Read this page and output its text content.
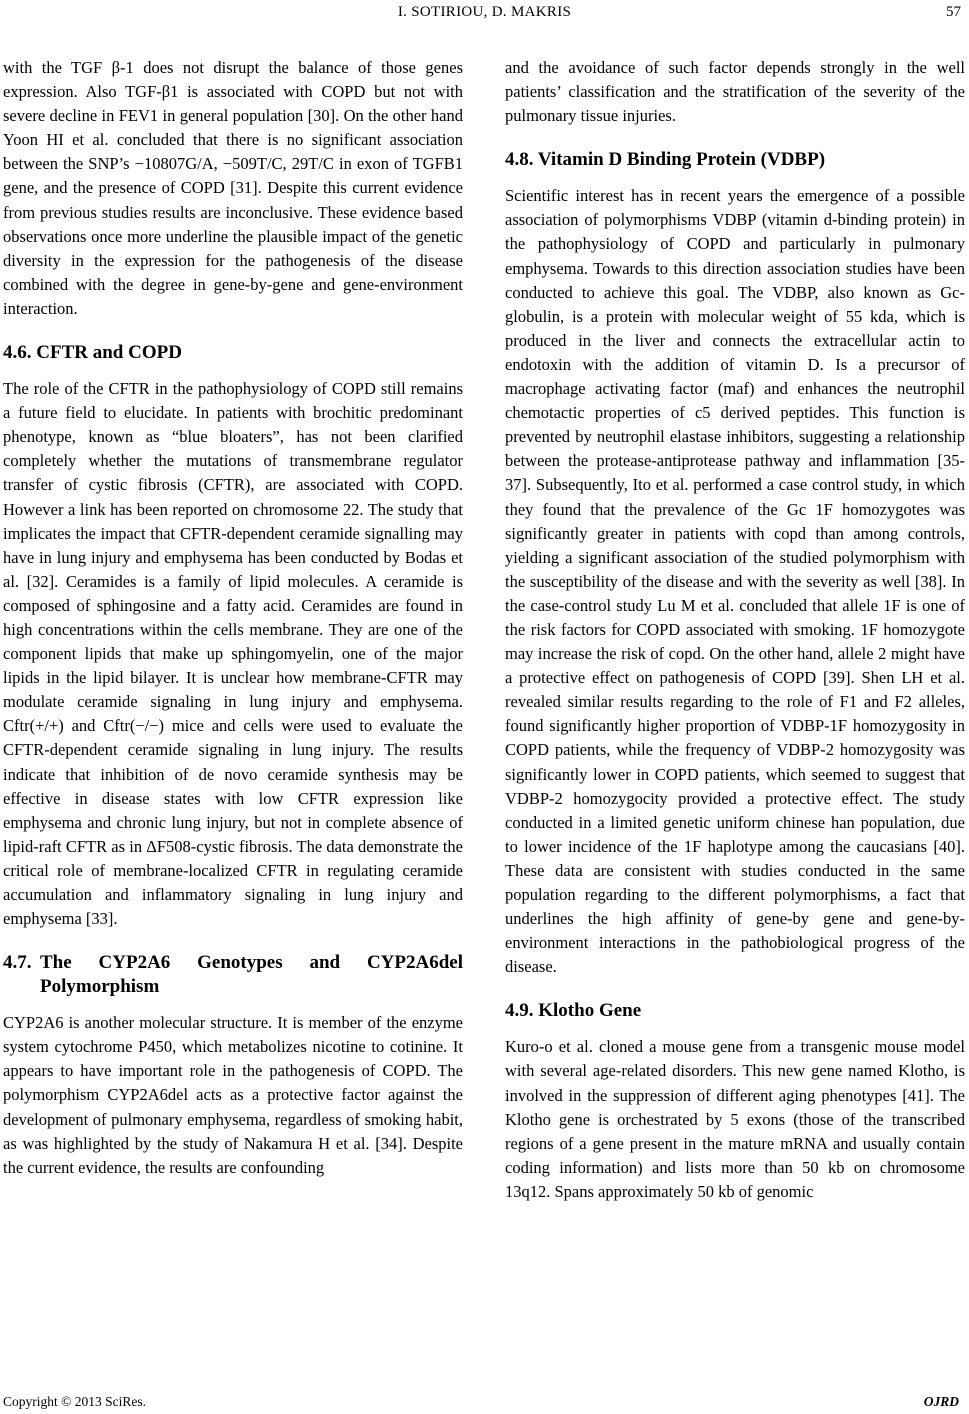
I. SOTIRIOU, D. MAKRIS	57

with the TGF β-1 does not disrupt the balance of those genes expression. Also TGF-β1 is associated with COPD but not with severe decline in FEV1 in general population [30]. On the other hand Yoon HI et al. concluded that there is no significant association between the SNP’s −10807G/A, −509T/C, 29T/C in exon of TGFB1 gene, and the presence of COPD [31]. Despite this current evidence from previous studies results are inconclusive. These evidence based observations once more underline the plausible impact of the genetic diversity in the expression for the pathogenesis of the disease combined with the degree in gene-by-gene and gene-environment interaction.

4.6. CFTR and COPD

The role of the CFTR in the pathophysiology of COPD still remains a future field to elucidate. In patients with brochitic predominant phenotype, known as “blue bloaters”, has not been clarified completely whether the mutations of transmembrane regulator transfer of cystic fibrosis (CFTR), are associated with COPD. However a link has been reported on chromosome 22. The study that implicates the impact that CFTR-dependent ceramide signalling may have in lung injury and emphysema has been conducted by Bodas et al. [32]. Ceramides is a family of lipid molecules. A ceramide is composed of sphingosine and a fatty acid. Ceramides are found in high concentrations within the cells membrane. They are one of the component lipids that make up sphingomyelin, one of the major lipids in the lipid bilayer. It is unclear how membrane-CFTR may modulate ceramide signaling in lung injury and emphysema. Cftr(+/+) and Cftr(−/−) mice and cells were used to evaluate the CFTR-dependent ceramide signaling in lung injury. The results indicate that inhibition of de novo ceramide synthesis may be effective in disease states with low CFTR expression like emphysema and chronic lung injury, but not in complete absence of lipid-raft CFTR as in ΔF508-cystic fibrosis. The data demonstrate the critical role of membrane-localized CFTR in regulating ceramide accumulation and inflammatory signaling in lung injury and emphysema [33].

4.7. The CYP2A6 Genotypes and CYP2A6del Polymorphism

CYP2A6 is another molecular structure. It is member of the enzyme system cytochrome P450, which metabolizes nicotine to cotinine. It appears to have important role in the pathogenesis of COPD. The polymorphism CYP2A6del acts as a protective factor against the development of pulmonary emphysema, regardless of smoking habit, as was highlighted by the study of Nakamura H et al. [34]. Despite the current evidence, the results are confounding

and the avoidance of such factor depends strongly in the well patients’ classification and the stratification of the severity of the pulmonary tissue injuries.

4.8. Vitamin D Binding Protein (VDBP)

Scientific interest has in recent years the emergence of a possible association of polymorphisms VDBP (vitamin d-binding protein) in the pathophysiology of COPD and particularly in pulmonary emphysema. Towards to this direction association studies have been conducted to achieve this goal. The VDBP, also known as Gc-globulin, is a protein with molecular weight of 55 kda, which is produced in the liver and connects the extracellular actin to endotoxin with the addition of vitamin D. Is a precursor of macrophage activating factor (maf) and enhances the neutrophil chemotactic properties of c5 derived peptides. This function is prevented by neutrophil elastase inhibitors, suggesting a relationship between the protease-antiprotease pathway and inflammation [35-37]. Subsequently, Ito et al. performed a case control study, in which they found that the prevalence of the Gc 1F homozygotes was significantly greater in patients with copd than among controls, yielding a significant association of the studied polymorphism with the susceptibility of the disease and with the severity as well [38]. In the case-control study Lu M et al. concluded that allele 1F is one of the risk factors for COPD associated with smoking. 1F homozygote may increase the risk of copd. On the other hand, allele 2 might have a protective effect on pathogenesis of COPD [39]. Shen LH et al. revealed similar results regarding to the role of F1 and F2 alleles, found significantly higher proportion of VDBP-1F homozygosity in COPD patients, while the frequency of VDBP-2 homozygosity was significantly lower in COPD patients, which seemed to suggest that VDBP-2 homozygocity provided a protective effect. The study conducted in a limited genetic uniform chinese han population, due to lower incidence of the 1F haplotype among the caucasians [40]. These data are consistent with studies conducted in the same population regarding to the different polymorphisms, a fact that underlines the high affinity of gene-by gene and gene-by-environment interactions in the pathobiological progress of the disease.

4.9. Klotho Gene

Kuro-o et al. cloned a mouse gene from a transgenic mouse model with several age-related disorders. This new gene named Klotho, is involved in the suppression of different aging phenotypes [41]. The Klotho gene is orchestrated by 5 exons (those of the transcribed regions of a gene present in the mature mRNA and usually contain coding information) and lists more than 50 kb on chromosome 13q12. Spans approximately 50 kb of genomic

Copyright © 2013 SciRes.	OJRD
